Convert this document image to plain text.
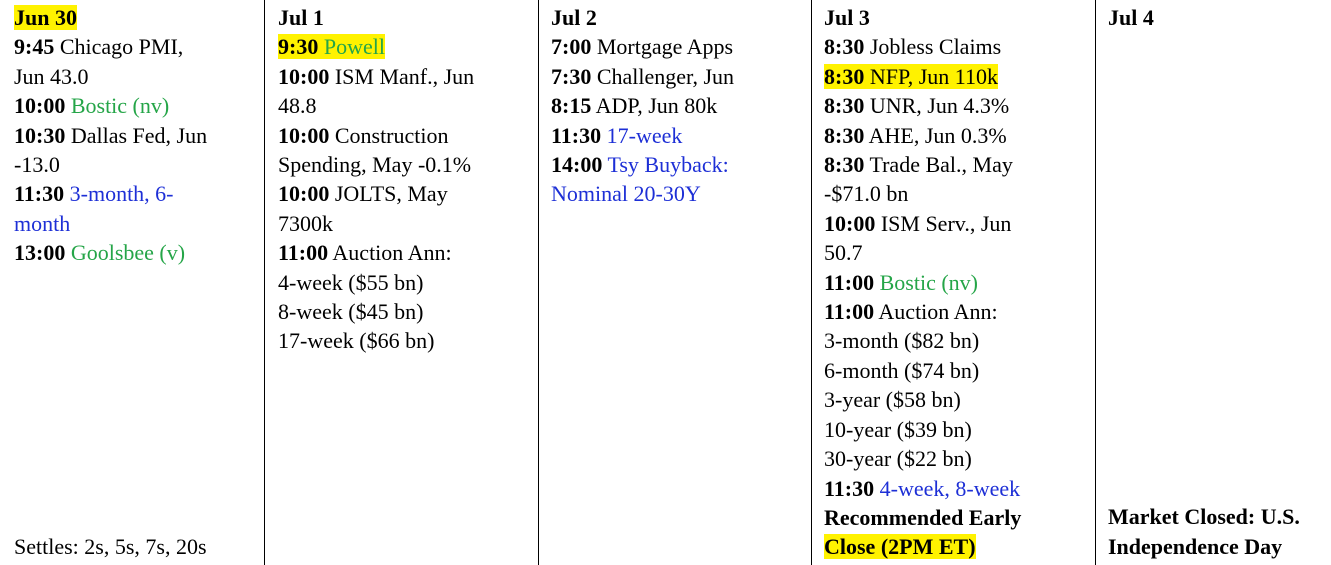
Jun 30
9:45 Chicago PMI,
Jun 43.0
10:00 Bostic (nv)
10:30 Dallas Fed, Jun
-13.0
11:30 3-month, 6-
month
13:00 Goolsbee (v)
Settles: 2s, 5s, 7s, 20s
Jul 1
9:30 Powell
10:00 ISM Manf., Jun
48.8
10:00 Construction
Spending, May -0.1%
10:00 JOLTS, May
7300k
11:00 Auction Ann:
4-week ($55 bn)
8-week ($45 bn)
17-week ($66 bn)
Jul 2
7:00 Mortgage Apps
7:30 Challenger, Jun
8:15 ADP, Jun 80k
11:30 17-week
14:00 Tsy Buyback:
Nominal 20-30Y
Jul 3
8:30 Jobless Claims
8:30 NFP, Jun 110k
8:30 UNR, Jun 4.3%
8:30 AHE, Jun 0.3%
8:30 Trade Bal., May
-$71.0 bn
10:00 ISM Serv., Jun
50.7
11:00 Bostic (nv)
11:00 Auction Ann:
3-month ($82 bn)
6-month ($74 bn)
3-year ($58 bn)
10-year ($39 bn)
30-year ($22 bn)
11:30 4-week, 8-week
Recommended Early
Close (2PM ET)
Jul 4
Market Closed: U.S.
Independence Day
